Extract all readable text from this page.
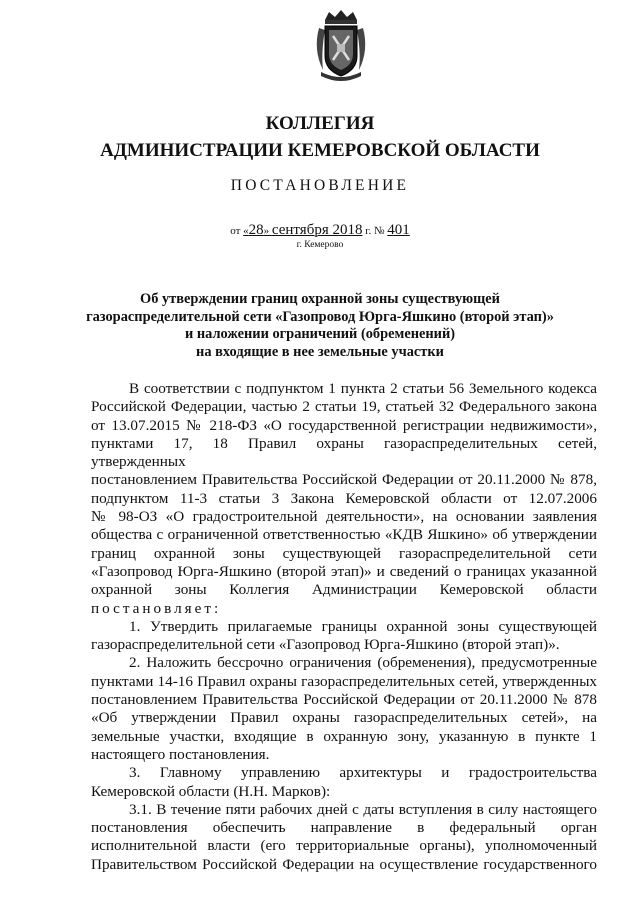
КОЛЛЕГИЯ
АДМИНИСТРАЦИИ КЕМЕРОВСКОЙ ОБЛАСТИ
ПОСТАНОВЛЕНИЕ
от «28» сентября 2018 г. № 401
г. Кемерово
Об утверждении границ охранной зоны существующей
газораспределительной сети «Газопровод Юрга-Яшкино (второй этап)»
и наложении ограничений (обременений)
на входящие в нее земельные участки

В соответствии с подпунктом 1 пункта 2 статьи 56 Земельного кодекса

Российской Федерации, частью 2 статьи 19, статьей 32 Федерального закона

от 13.07.2015 № 218-ФЗ «О государственной регистрации недвижимости»,

пунктами 17, 18 Правил охраны газораспределительных сетей, утвержденных

постановлением Правительства Российской Федерации от 20.11.2000 № 878,

подпунктом 11-3 статьи 3 Закона Кемеровской области от 12.07.2006

№ 98-ОЗ «О градостроительной деятельности», на основании заявления

общества с ограниченной ответственностью «КДВ Яшкино» об утверждении

границ охранной зоны существующей газораспределительной сети

«Газопровод Юрга-Яшкино (второй этап)» и сведений о границах указанной

охранной зоны Коллегия Администрации Кемеровской области

постановляет:

1. Утвердить прилагаемые границы охранной зоны существующей

газораспределительной сети «Газопровод Юрга-Яшкино (второй этап)».

2. Наложить бессрочно ограничения (обременения), предусмотренные

пунктами 14-16 Правил охраны газораспределительных сетей, утвержденных

постановлением Правительства Российской Федерации от 20.11.2000 № 878

«Об утверждении Правил охраны газораспределительных сетей», на

земельные участки, входящие в охранную зону, указанную в пункте 1

настоящего постановления.

3. Главному управлению архитектуры и градостроительства

Кемеровской области (Н.Н. Марков):

3.1. В течение пяти рабочих дней с даты вступления в силу настоящего

постановления обеспечить направление в федеральный орган

исполнительной власти (его территориальные органы), уполномоченный

Правительством Российской Федерации на осуществление государственного
